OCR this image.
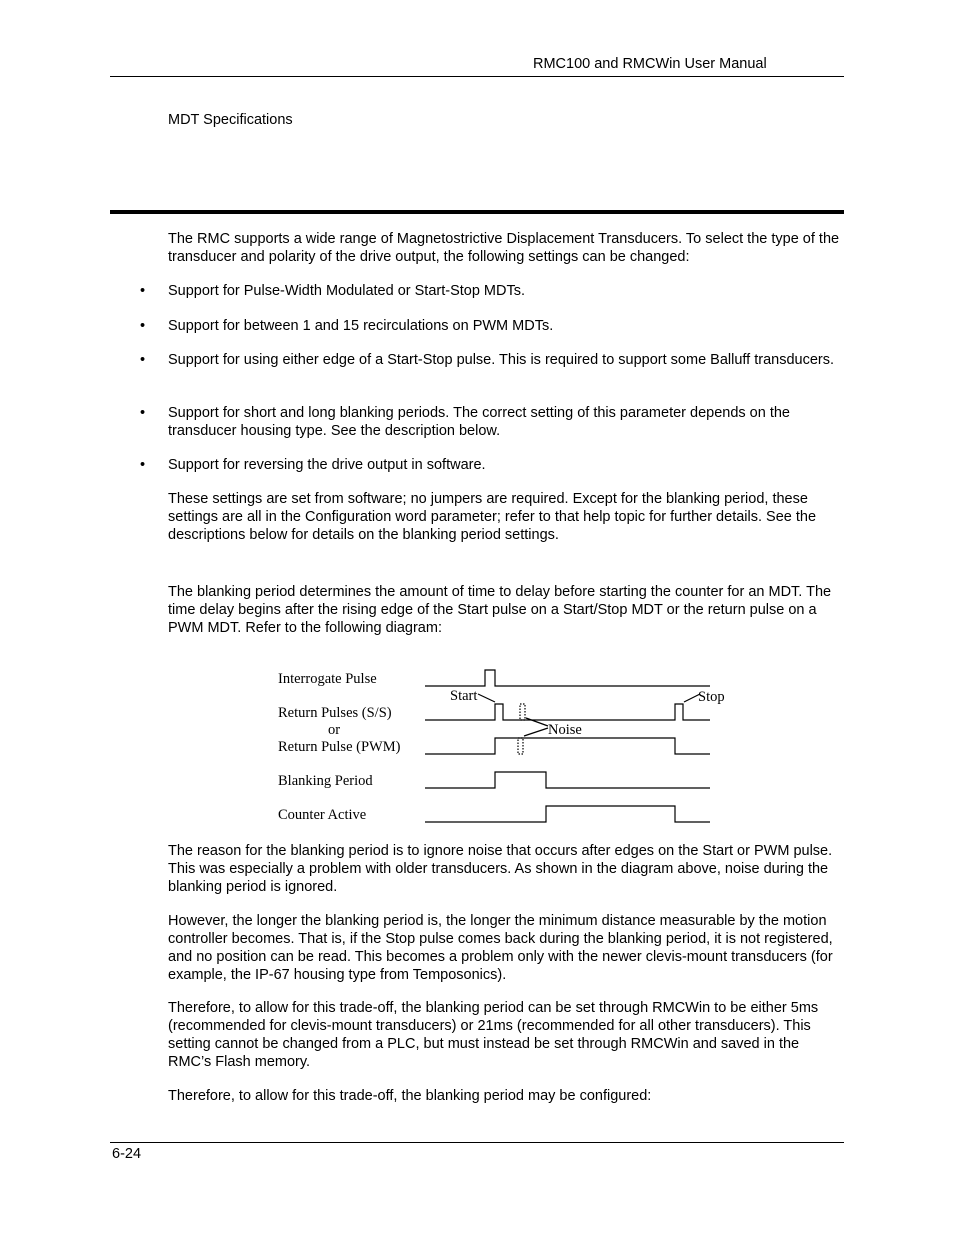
RMC100 and RMCWin User Manual
MDT Specifications

The RMC supports a wide range of Magnetostrictive Displacement Transducers. To select the type of the transducer and polarity of the drive output, the following settings can be changed:

• Support for Pulse-Width Modulated or Start-Stop MDTs.

• Support for between 1 and 15 recirculations on PWM MDTs.

• Support for using either edge of a Start-Stop pulse. This is required to support some Balluff transducers.

• Support for short and long blanking periods. The correct setting of this parameter depends on the transducer housing type. See the description below.

• Support for reversing the drive output in software.

These settings are set from software; no jumpers are required. Except for the blanking period, these settings are all in the Configuration word parameter; refer to that help topic for further details. See the descriptions below for details on the blanking period settings.

The blanking period determines the amount of time to delay before starting the counter for an MDT. The time delay begins after the rising edge of the Start pulse on a Start/Stop MDT or the return pulse on a PWM MDT. Refer to the following diagram:

Interrogate Pulse
Return Pulses (S/S)
or
Return Pulse (PWM)
Blanking Period
Counter Active
Start	Stop
Noise

The reason for the blanking period is to ignore noise that occurs after edges on the Start or PWM pulse. This was especially a problem with older transducers. As shown in the diagram above, noise during the blanking period is ignored.

However, the longer the blanking period is, the longer the minimum distance measurable by the motion controller becomes. That is, if the Stop pulse comes back during the blanking period, it is not registered, and no position can be read. This becomes a problem only with the newer clevis-mount transducers (for example, the IP-67 housing type from Temposonics).

Therefore, to allow for this trade-off, the blanking period can be set through RMCWin to be either 5ms (recommended for clevis-mount transducers) or 21ms (recommended for all other transducers). This setting cannot be changed from a PLC, but must instead be set through RMCWin and saved in the RMC’s Flash memory.

Therefore, to allow for this trade-off, the blanking period may be configured:

6-24
